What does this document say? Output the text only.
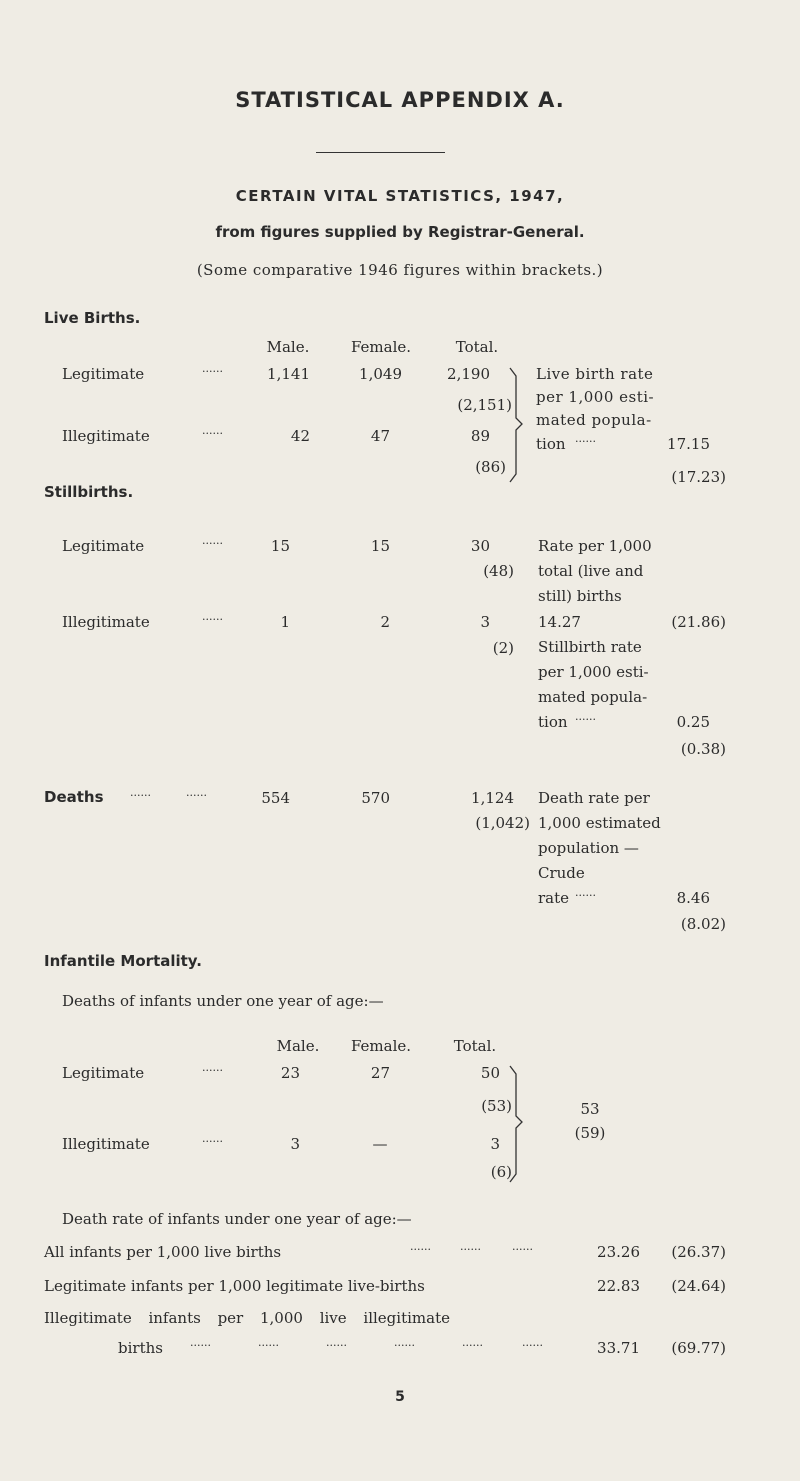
STATISTICAL APPENDIX A.
CERTAIN VITAL STATISTICS, 1947,
from figures supplied by Registrar-General.
(Some comparative 1946 figures within brackets.)
Live Births.
Male.	Female.	Total.
Legitimate	......	1,141	1,049	2,190
(2,151)
Illegitimate	......	42	47	89
(86)
Live birth rate
per 1,000 esti-
mated popula-
tion ......	17.15
(17.23)
Stillbirths.
Legitimate	......	15	15	30
(48)
Illegitimate	......	1	2	3
(2)
Rate per 1,000
total (live and
still) births
14.27	(21.86)
Stillbirth rate
per 1,000 esti-
mated popula-
tion ......	0.25
(0.38)
Deaths ......	......	554	570	1,124
(1,042)
Death rate per
1,000 estimated
population —
Crude
rate ......	8.46
(8.02)
Infantile Mortality.
Deaths of infants under one year of age:—
Male.	Female.	Total.
Legitimate	......	23	27	50
(53)
Illegitimate	......	3	—	3
(6)
53
(59)
Death rate of infants under one year of age:—
All infants per 1,000 live births	......	......	......	23.26	(26.37)
Legitimate infants per 1,000 legitimate live-births	22.83	(24.64)
Illegitimate infants per 1,000 live illegitimate
births ......	......	......	......	......	......	33.71	(69.77)
5
